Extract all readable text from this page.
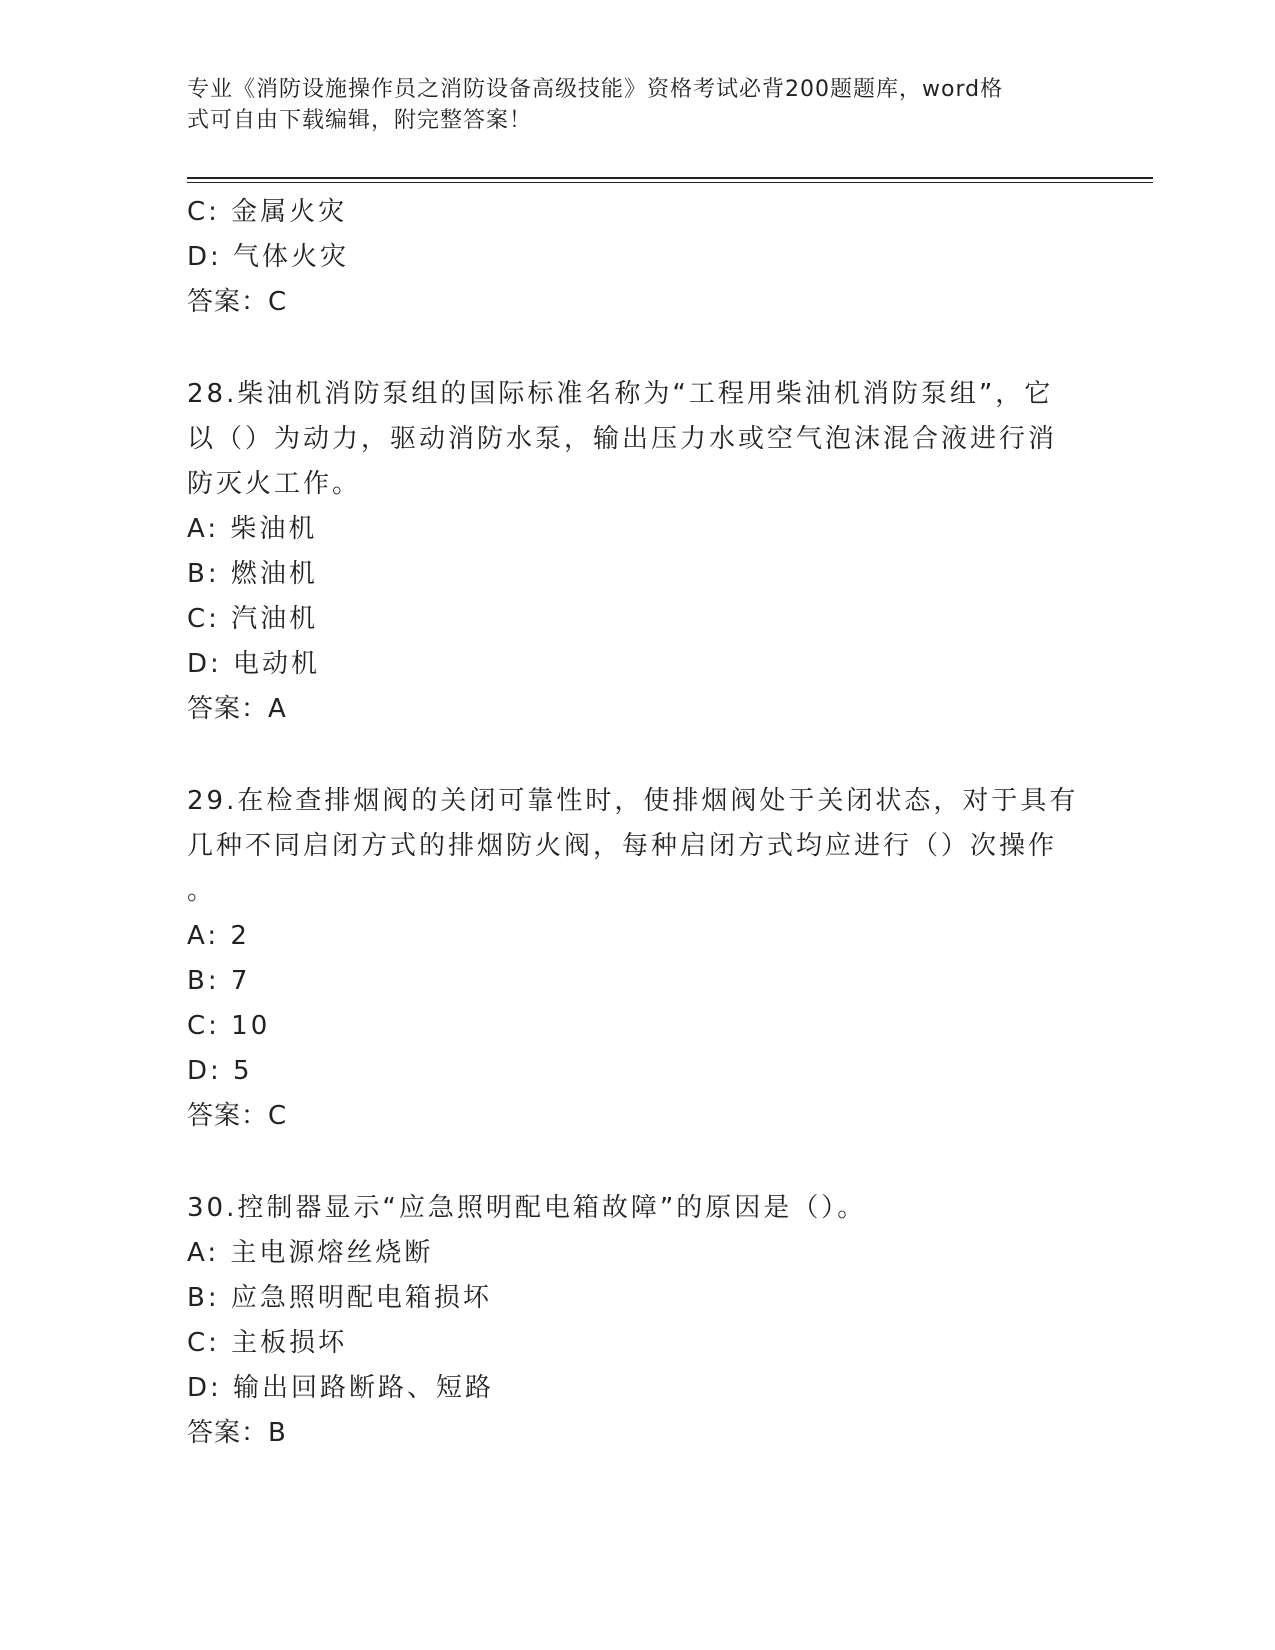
专业《消防设施操作员之消防设备高级技能》资格考试必背200题题库，word格
式可自由下载编辑，附完整答案！
C: 金属火灾
D: 气体火灾
答案：C
28.柴油机消防泵组的国际标准名称为“工程用柴油机消防泵组”，它
以（）为动力，驱动消防水泵，输出压力水或空气泡沫混合液进行消
防灭火工作。
A: 柴油机
B: 燃油机
C: 汽油机
D: 电动机
答案：A
29.在检查排烟阀的关闭可靠性时，使排烟阀处于关闭状态，对于具有
几种不同启闭方式的排烟防火阀，每种启闭方式均应进行（）次操作
。
A: 2
B: 7
C: 10
D: 5
答案：C
30.控制器显示“应急照明配电箱故障”的原因是（）。
A: 主电源熔丝烧断
B: 应急照明配电箱损坏
C: 主板损坏
D: 输出回路断路、短路
答案：B
